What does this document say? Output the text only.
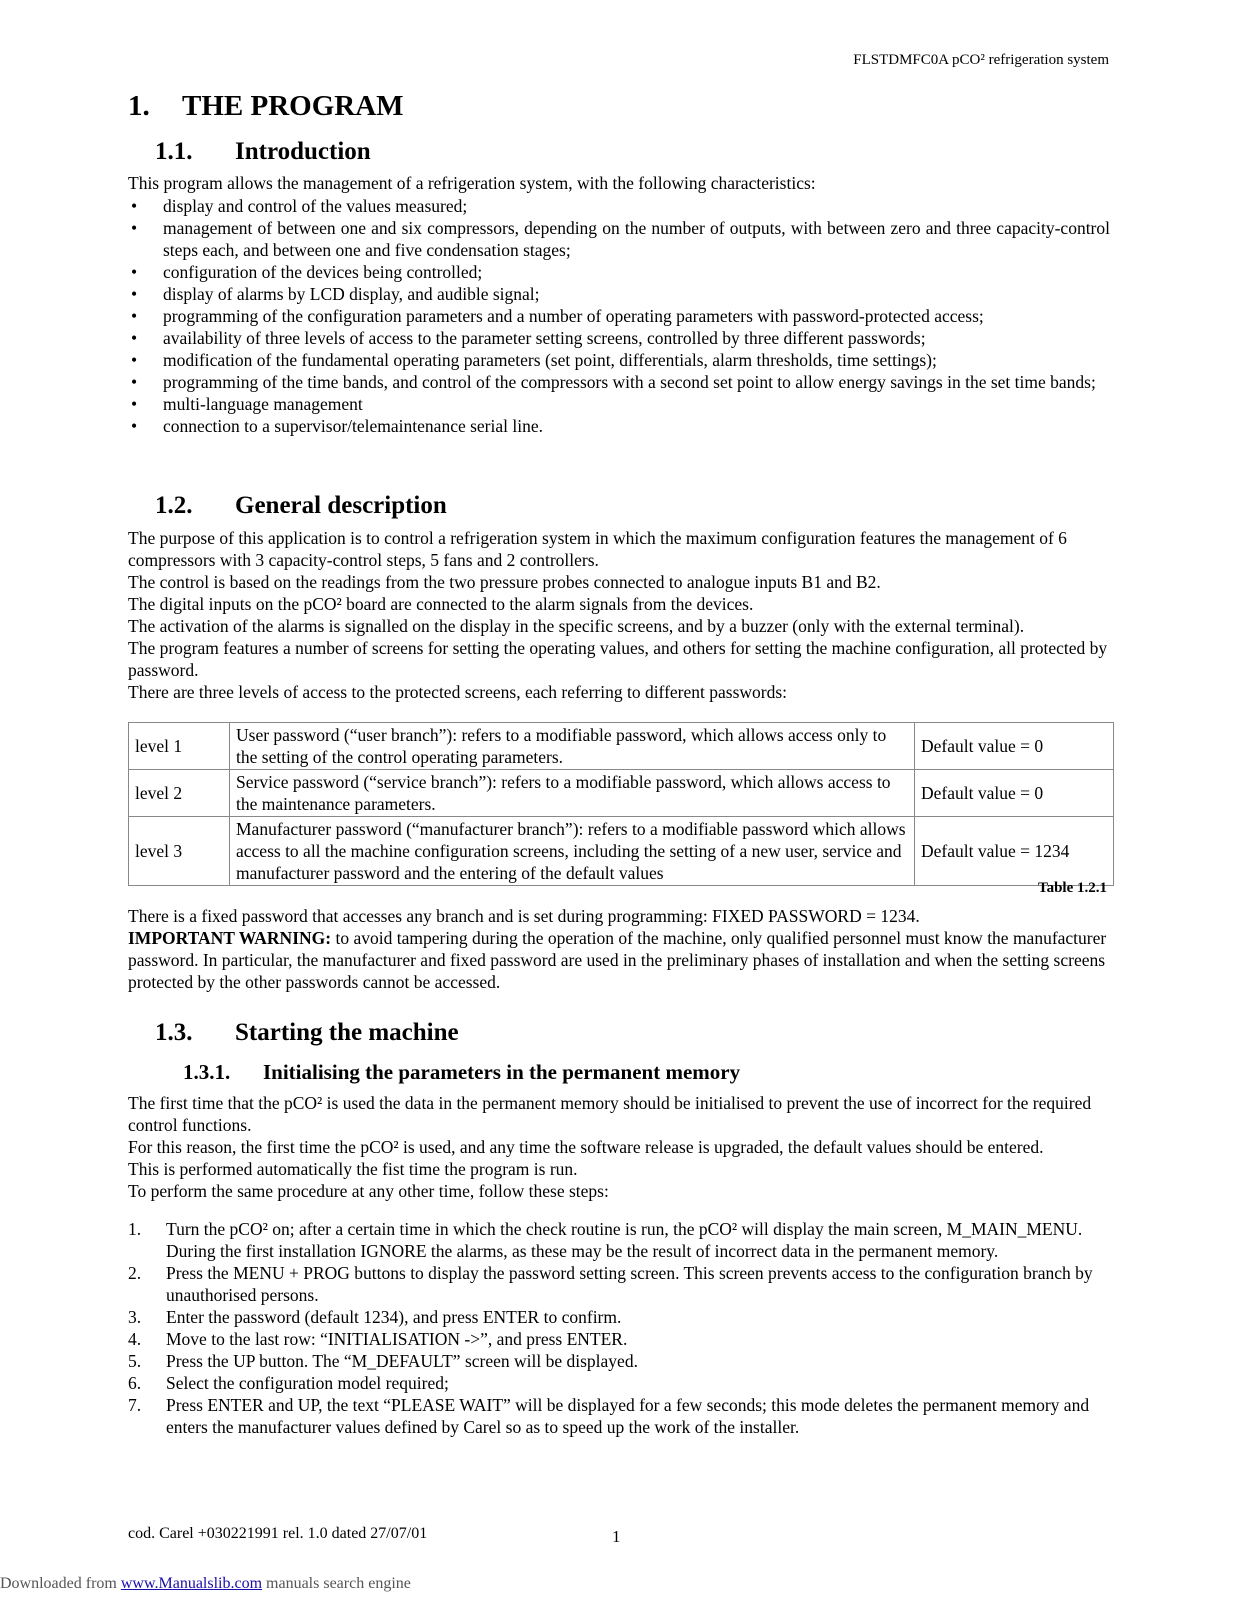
FLSTDMFC0A pCO² refrigeration system
1. THE PROGRAM
1.1. Introduction
This program allows the management of a refrigeration system, with the following characteristics:
• display and control of the values measured;
• management of between one and six compressors, depending on the number of outputs, with between zero and three capacity-control steps each, and between one and five condensation stages;
• configuration of the devices being controlled;
• display of alarms by LCD display, and audible signal;
• programming of the configuration parameters and a number of operating parameters with password-protected access;
• availability of three levels of access to the parameter setting screens, controlled by three different passwords;
• modification of the fundamental operating parameters (set point, differentials, alarm thresholds, time settings);
• programming of the time bands, and control of the compressors with a second set point to allow energy savings in the set time bands;
• multi-language management
• connection to a supervisor/telemaintenance serial line.
1.2. General description

The purpose of this application is to control a refrigeration system in which the maximum configuration features the management of 6 compressors with 3 capacity-control steps, 5 fans and 2 controllers.

The control is based on the readings from the two pressure probes connected to analogue inputs B1 and B2.

The digital inputs on the pCO² board are connected to the alarm signals from the devices.

The activation of the alarms is signalled on the display in the specific screens, and by a buzzer (only with the external terminal).

The program features a number of screens for setting the operating values, and others for setting the machine configuration, all protected by password.

There are three levels of access to the protected screens, each referring to different passwords:

level 1	User password (“user branch”): refers to a modifiable password, which allows access only to the setting of the control operating parameters.	Default value = 0
level 2	Service password (“service branch”): refers to a modifiable password, which allows access to the maintenance parameters.	Default value = 0
level 3	Manufacturer password (“manufacturer branch”): refers to a modifiable password which allows access to all the machine configuration screens, including the setting of a new user, service and manufacturer password and the entering of the default values	Default value = 1234
Table 1.2.1

There is a fixed password that accesses any branch and is set during programming: FIXED PASSWORD = 1234.

IMPORTANT WARNING: to avoid tampering during the operation of the machine, only qualified personnel must know the manufacturer password. In particular, the manufacturer and fixed password are used in the preliminary phases of installation and when the setting screens protected by the other passwords cannot be accessed.

1.3. Starting the machine
1.3.1. Initialising the parameters in the permanent memory

The first time that the pCO² is used the data in the permanent memory should be initialised to prevent the use of incorrect for the required control functions.

For this reason, the first time the pCO² is used, and any time the software release is upgraded, the default values should be entered.

This is performed automatically the fist time the program is run.

To perform the same procedure at any other time, follow these steps:

1. Turn the pCO² on; after a certain time in which the check routine is run, the pCO² will display the main screen, M_MAIN_MENU. During the first installation IGNORE the alarms, as these may be the result of incorrect data in the permanent memory.
2. Press the MENU + PROG buttons to display the password setting screen. This screen prevents access to the configuration branch by unauthorised persons.
3. Enter the password (default 1234), and press ENTER to confirm.
4. Move to the last row: “INITIALISATION ->”, and press ENTER.
5. Press the UP button. The “M_DEFAULT” screen will be displayed.
6. Select the configuration model required;
7. Press ENTER and UP, the text “PLEASE WAIT” will be displayed for a few seconds; this mode deletes the permanent memory and enters the manufacturer values defined by Carel so as to speed up the work of the installer.
cod. Carel +030221991 rel. 1.0 dated 27/07/01	1
Downloaded from www.Manualslib.com manuals search engine
